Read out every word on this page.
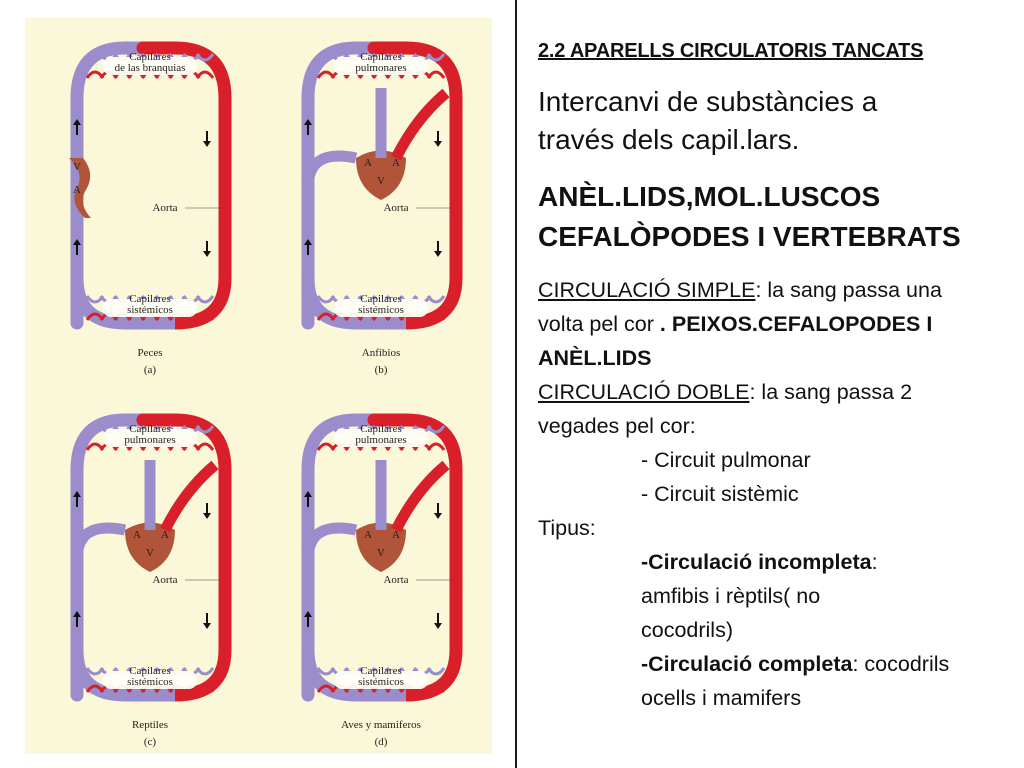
Capilares
de las branquias
Capilares
sistémicos
Aorta
V
A
Peces
(a)
Capilares
pulmonares
Capilares
sistémicos
Aorta
A A
V
Anfibios
(b)
Capilares
pulmonares
Capilares
sistémicos
Aorta
A A
V
Reptiles
(c)
Capilares
pulmonares
Capilares
sistémicos
Aorta
A A
V
Aves y mamiferos
(d)
2.2 APARELLS CIRCULATORIS TANCATS
Intercanvi de substàncies a
través dels capil.lars.
ANÈL.LIDS,MOL.LUSCOS
CEFALÒPODES I VERTEBRATS
CIRCULACIÓ SIMPLE: la sang passa una
volta pel cor . PEIXOS.CEFALOPODES I
ANÈL.LIDS
CIRCULACIÓ DOBLE: la sang passa 2
vegades pel cor:
- Circuit pulmonar
- Circuit sistèmic
Tipus:
-Circulació incompleta:
amfibis i rèptils( no
cocodrils)
-Circulació completa: cocodrils
ocells i mamifers
